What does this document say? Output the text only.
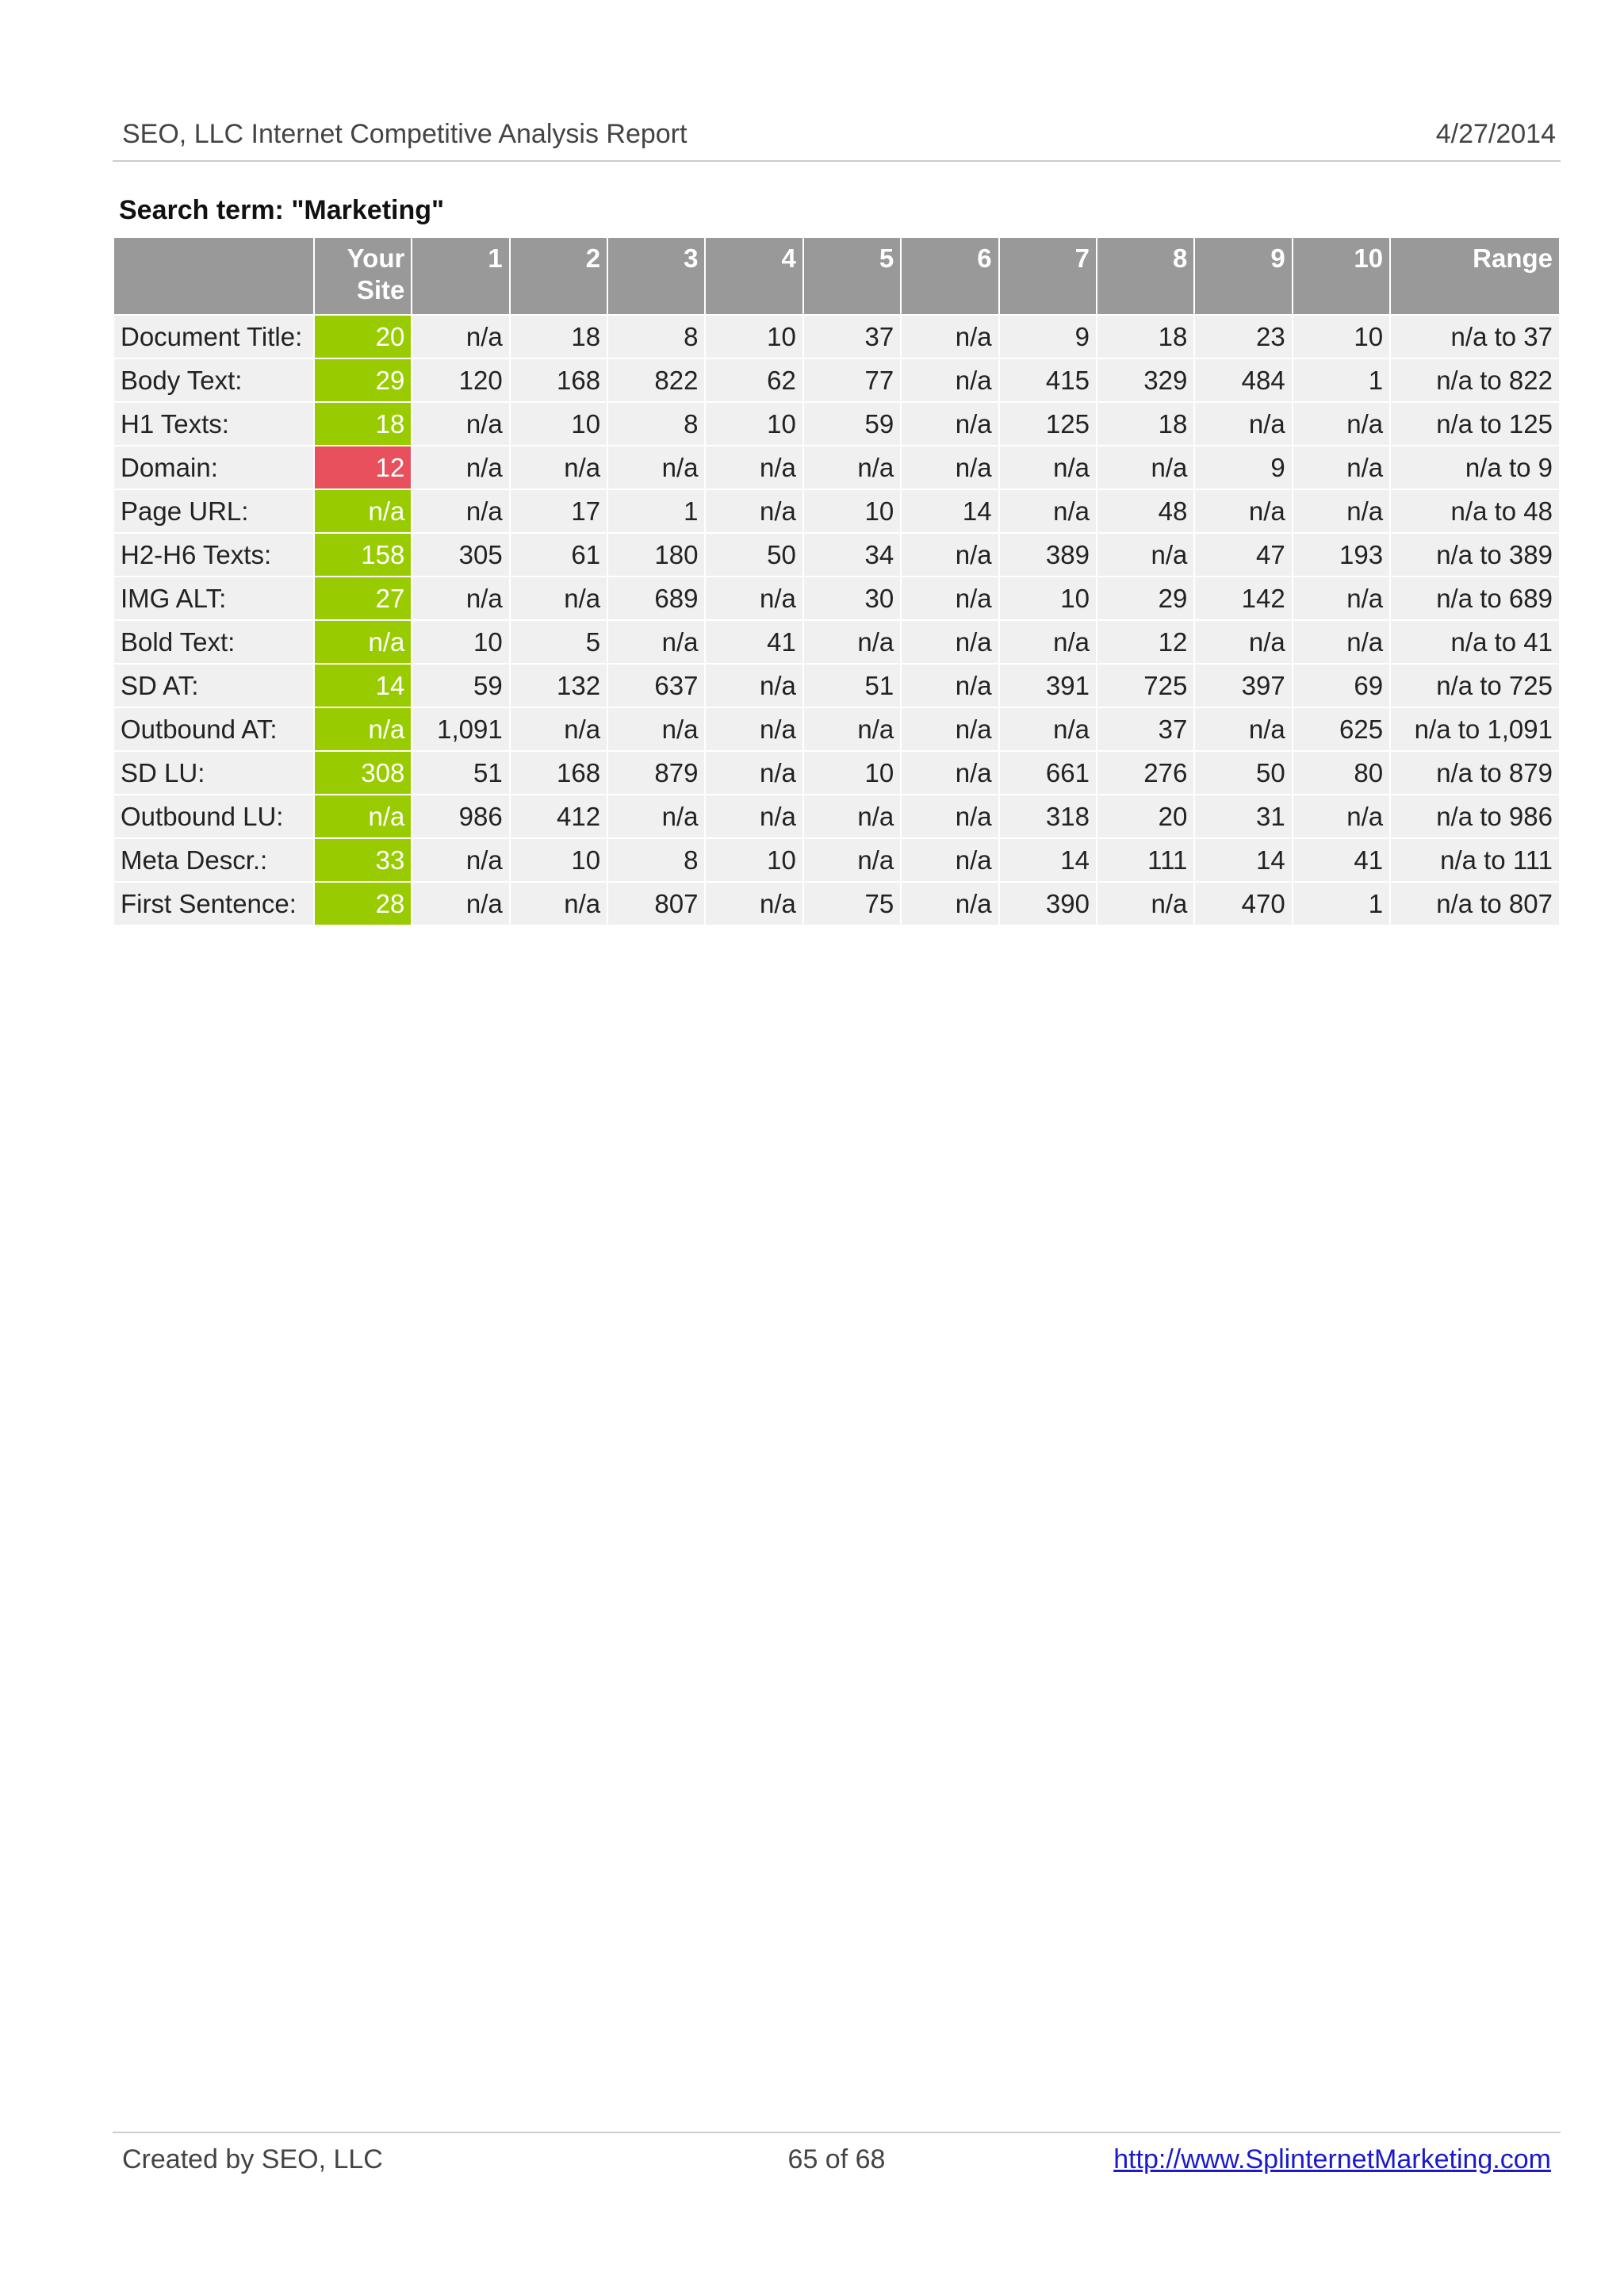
SEO, LLC Internet Competitive Analysis Report	4/27/2014
Search term: "Marketing"
	Your Site	1	2	3	4	5	6	7	8	9	10	Range
Document Title:	20	n/a	18	8	10	37	n/a	9	18	23	10	n/a to 37
Body Text:	29	120	168	822	62	77	n/a	415	329	484	1	n/a to 822
H1 Texts:	18	n/a	10	8	10	59	n/a	125	18	n/a	n/a	n/a to 125
Domain:	12	n/a	n/a	n/a	n/a	n/a	n/a	n/a	n/a	9	n/a	n/a to 9
Page URL:	n/a	n/a	17	1	n/a	10	14	n/a	48	n/a	n/a	n/a to 48
H2-H6 Texts:	158	305	61	180	50	34	n/a	389	n/a	47	193	n/a to 389
IMG ALT:	27	n/a	n/a	689	n/a	30	n/a	10	29	142	n/a	n/a to 689
Bold Text:	n/a	10	5	n/a	41	n/a	n/a	n/a	12	n/a	n/a	n/a to 41
SD AT:	14	59	132	637	n/a	51	n/a	391	725	397	69	n/a to 725
Outbound AT:	n/a	1,091	n/a	n/a	n/a	n/a	n/a	n/a	37	n/a	625	n/a to 1,091
SD LU:	308	51	168	879	n/a	10	n/a	661	276	50	80	n/a to 879
Outbound LU:	n/a	986	412	n/a	n/a	n/a	n/a	318	20	31	n/a	n/a to 986
Meta Descr.:	33	n/a	10	8	10	n/a	n/a	14	111	14	41	n/a to 111
First Sentence:	28	n/a	n/a	807	n/a	75	n/a	390	n/a	470	1	n/a to 807
Created by SEO, LLC	65 of 68	http://www.SplinternetMarketing.com
